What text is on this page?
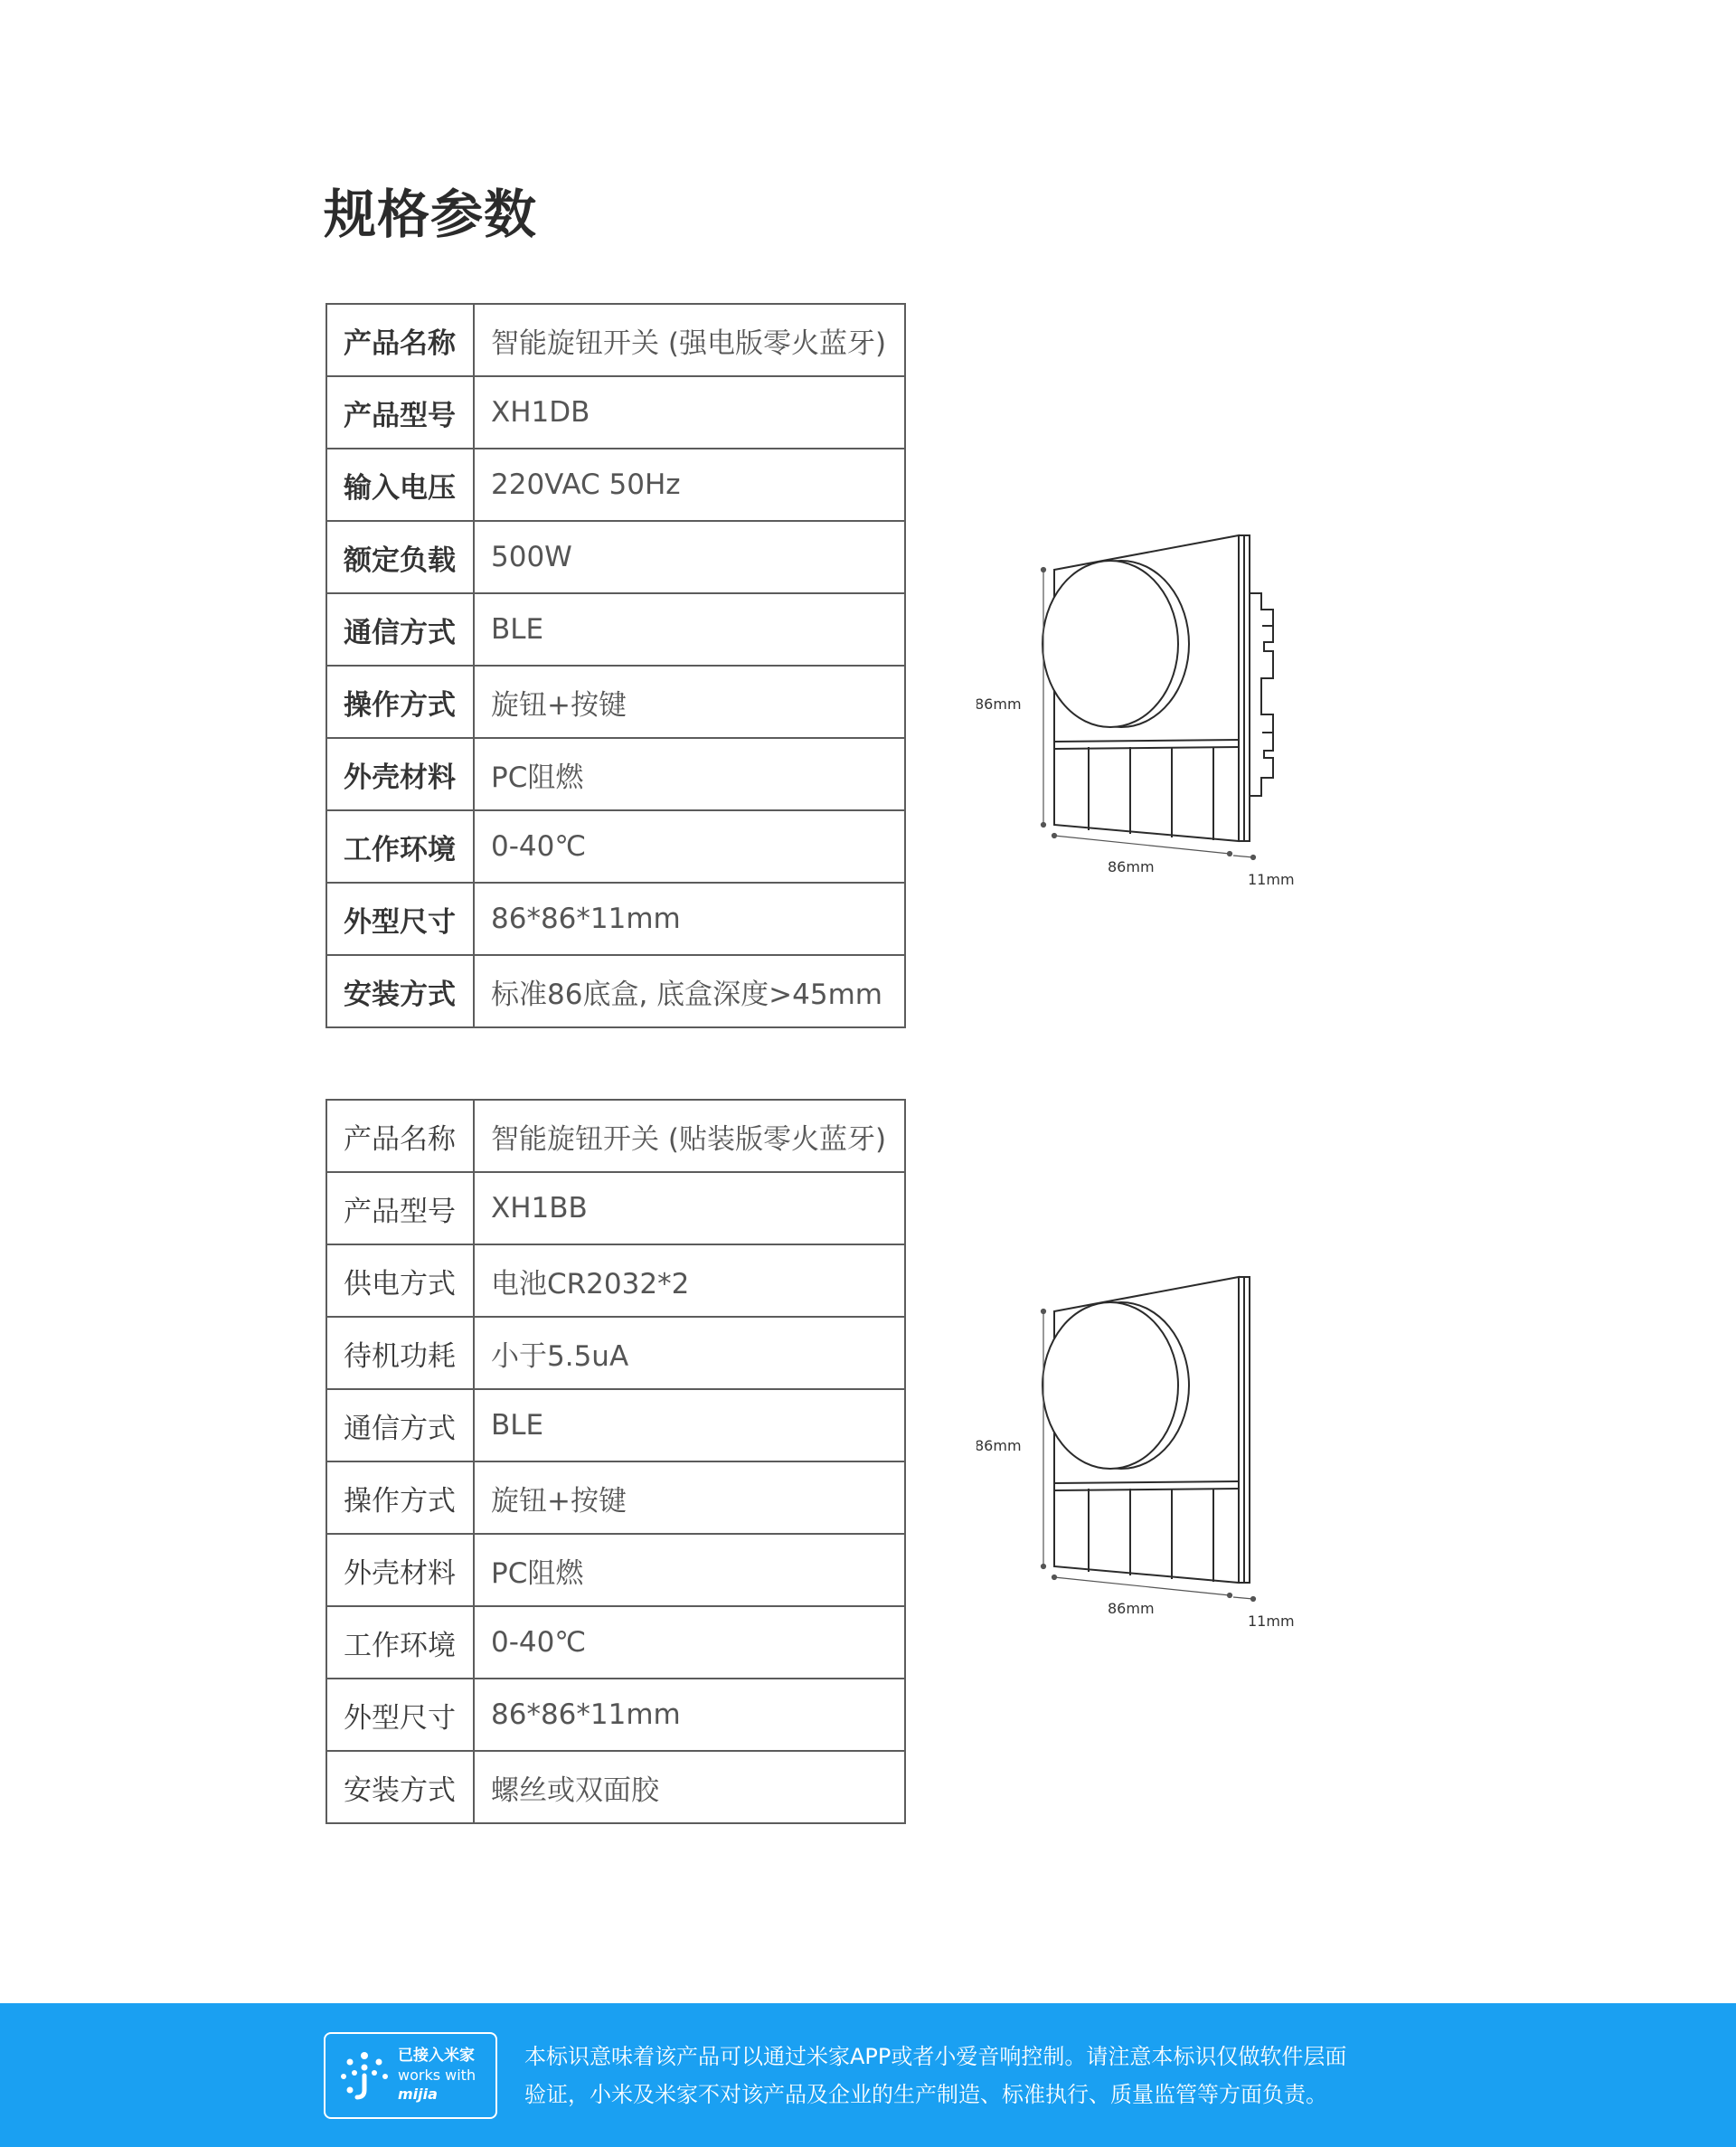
规格参数
产品名称	智能旋钮开关 (强电版零火蓝牙)
产品型号	XH1DB
输入电压	220VAC 50Hz
额定负载	500W
通信方式	BLE
操作方式	旋钮+按键
外壳材料	PC阻燃
工作环境	0-40℃
外型尺寸	86*86*11mm
安装方式	标准86底盒, 底盒深度>45mm
86mm
86mm
11mm
产品名称	智能旋钮开关 (贴装版零火蓝牙)
产品型号	XH1BB
供电方式	电池CR2032*2
待机功耗	小于5.5uA
通信方式	BLE
操作方式	旋钮+按键
外壳材料	PC阻燃
工作环境	0-40℃
外型尺寸	86*86*11mm
安装方式	螺丝或双面胶
86mm
86mm
11mm
已接入米家
works with
mijia
本标识意味着该产品可以通过米家APP或者小爱音响控制。请注意本标识仅做软件层面
验证，小米及米家不对该产品及企业的生产制造、标准执行、质量监管等方面负责。
